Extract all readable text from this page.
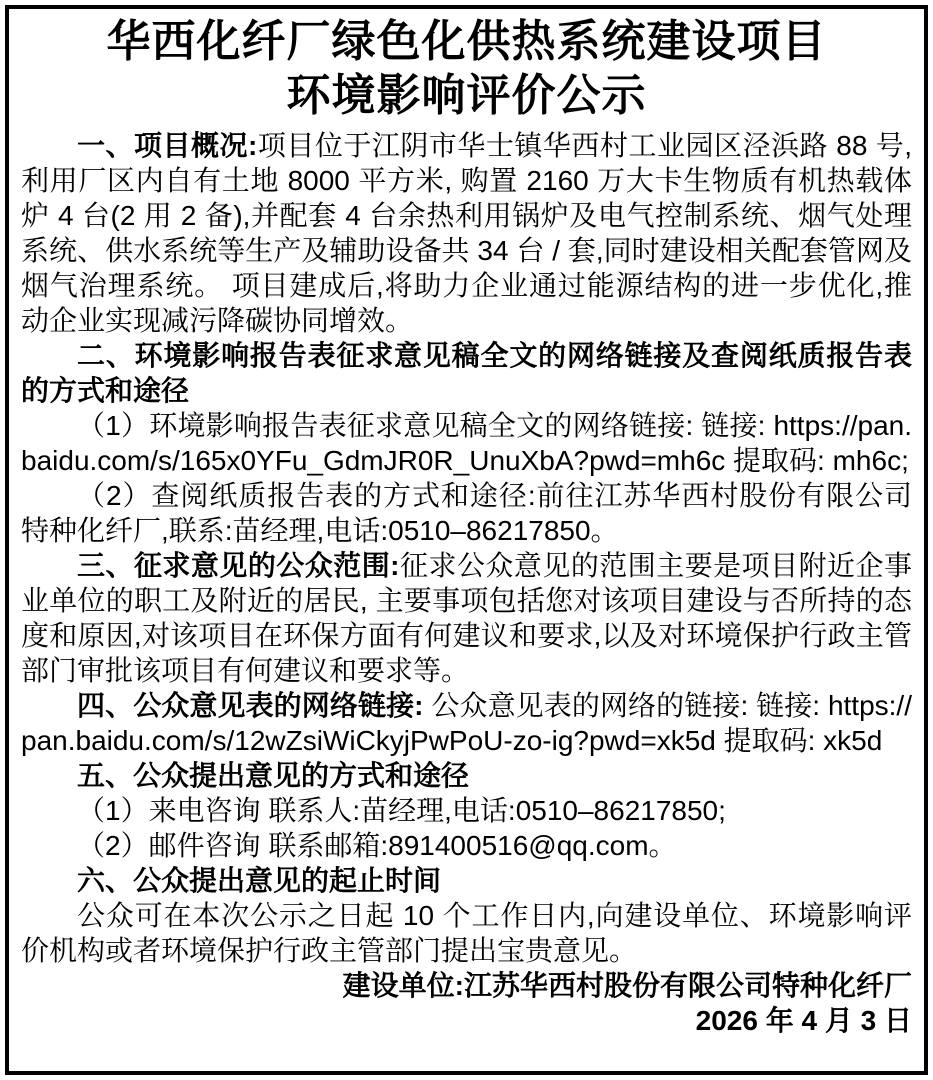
华西化纤厂绿色化供热系统建设项目
环境影响评价公示

一、项目概况:项目位于江阴市华士镇华西村工业园区泾浜路 88 号,利用厂区内自有土地 8000 平方米, 购置 2160 万大卡生物质有机热载体炉 4 台(2 用 2 备),并配套 4 台余热利用锅炉及电气控制系统、烟气处理系统、供水系统等生产及辅助设备共 34 台 / 套,同时建设相关配套管网及烟气治理系统。 项目建成后,将助力企业通过能源结构的进一步优化,推动企业实现减污降碳协同增效。

二、环境影响报告表征求意见稿全文的网络链接及查阅纸质报告表的方式和途径

（1）环境影响报告表征求意见稿全文的网络链接: 链接: https://pan.baidu.com/s/165x0YFu_GdmJR0R_UnuXbA?pwd=mh6c 提取码: mh6c;

（2）查阅纸质报告表的方式和途径:前往江苏华西村股份有限公司特种化纤厂,联系:苗经理,电话:0510–86217850。

三、征求意见的公众范围:征求公众意见的范围主要是项目附近企事业单位的职工及附近的居民, 主要事项包括您对该项目建设与否所持的态度和原因,对该项目在环保方面有何建议和要求,以及对环境保护行政主管部门审批该项目有何建议和要求等。

四、公众意见表的网络链接: 公众意见表的网络的链接: 链接: https://pan.baidu.com/s/12wZsiWiCkyjPwPoU-zo-ig?pwd=xk5d 提取码: xk5d

五、公众提出意见的方式和途径

（1）来电咨询 联系人:苗经理,电话:0510–86217850;

（2）邮件咨询 联系邮箱:891400516@qq.com。

六、公众提出意见的起止时间

公众可在本次公示之日起 10 个工作日内,向建设单位、环境影响评价机构或者环境保护行政主管部门提出宝贵意见。

建设单位:江苏华西村股份有限公司特种化纤厂

2026 年 4 月 3 日
